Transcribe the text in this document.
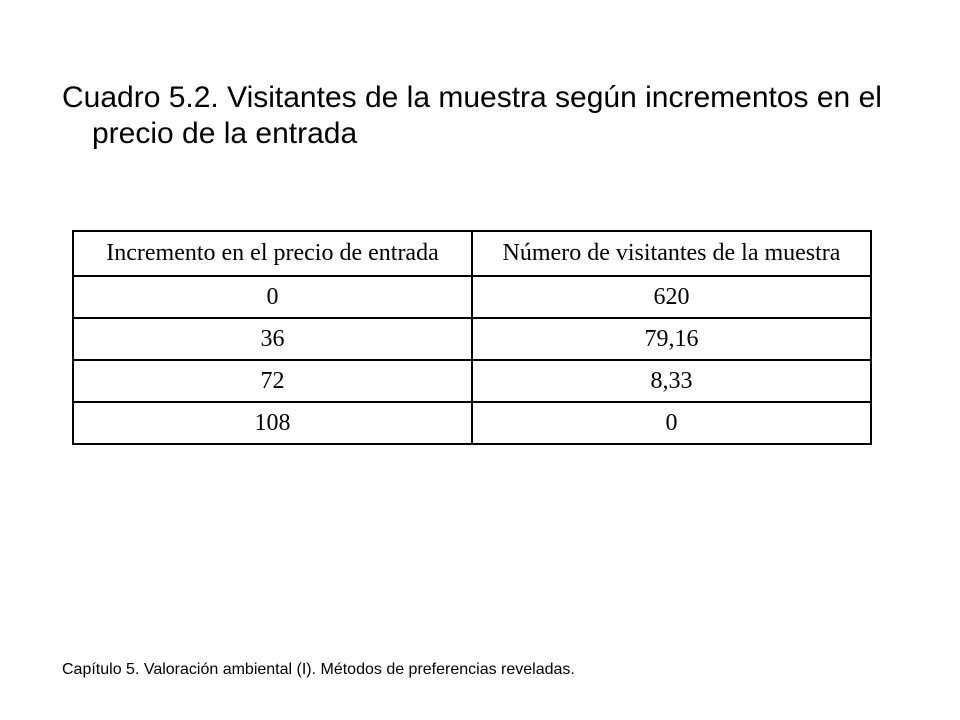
Cuadro 5.2. Visitantes de la muestra según incrementos en el precio de la entrada
Incremento en el precio de entrada	Número de visitantes de la muestra
0	620
36	79,16
72	8,33
108	0

Capítulo 5. Valoración ambiental (I). Métodos de preferencias reveladas.
